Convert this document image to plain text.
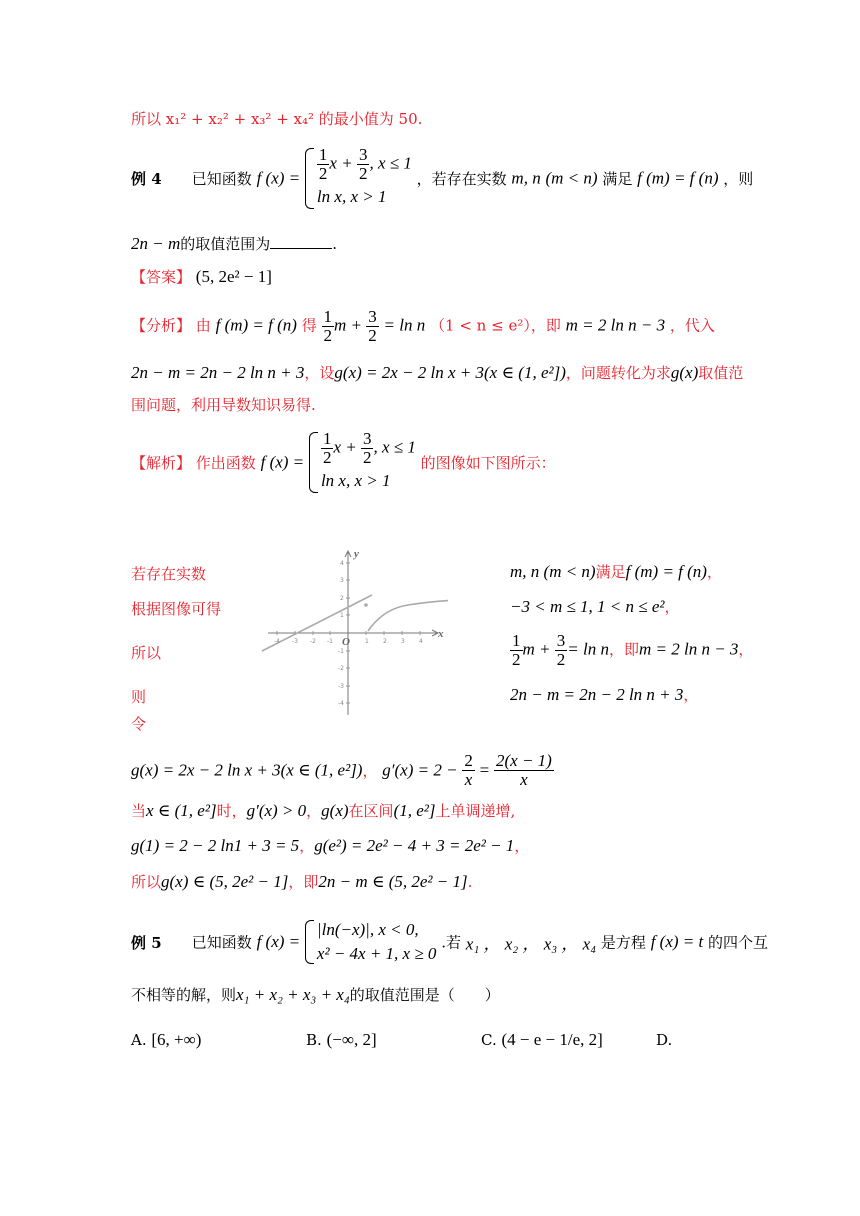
所以 x₁² + x₂² + x₃² + x₄² 的最小值为 50.
例 4 已知函数 f $(x) = \frac{1}{2}$ $x + \frac{3}{2}$ , x ≤ 1
ln x, x > 1
，若存在实数 m, n (m < n) 满足 f (m) = f (n) ，则
2n − m的取值范围为	.
【答案】 (5, 2e² − 1]
【分析】 由 f (m) = f (n) 得 $\frac{1}{2}$ $m + \frac{3}{2} = \ln n$ （1 < n ≤ e²），即 m = 2 ln n − 3 ，代入
2n − m = 2n − 2 ln n + 3，设g(x) = 2x − 2 ln x + 3(x ∈ (1, e²])，问题转化为求g(x)取值范
围问题，利用导数知识易得.
【解析】 作出函数 f $(x) = \frac{1}{2}$ $x + \frac{3}{2}$ , x ≤ 1
ln x, x > 1
的图像如下图所示：
若存在实数
根据图像可得
所以
则
令
-4 -3 -2 -1	1 2 3 4
4
3
2
1
-1
-2
-3
-4
y
x
O
m, n (m < n)满足f (m) = f (n)，
−3 < m ≤ 1, 1 < n ≤ e²，
$\frac{1}{2}$ $m + \frac{3}{2} = \ln n$，即m = 2 ln n − 3，
2n − m = 2n − 2 ln n + 3，
g(x) = 2x − 2 ln x + 3(x ∈ (1, e²])， $g'(x) = 2 - \frac{2}{x} = \frac{2(x - 1)}{x}$
当x ∈ (1, e²]时，g′(x) > 0，g(x)在区间(1, e²]上单调递增,
g(1) = 2 − 2 ln1 + 3 = 5，g(e²) = 2e² − 4 + 3 = 2e² − 1，
所以g(x) ∈ (5, 2e² − 1]，即2n − m ∈ (5, 2e² − 1].
例 5 已知函数 f (x) =
|ln(−x)|, x < 0,
x² − 4x + 1, x ≥ 0
.若 x₁ ， x₂ ， x₃ ， x₄ 是方程 f (x) = t 的四个互
不相等的解，则x₁ + x₂ + x₃ + x₄的取值范围是（　　）
A. [6, +∞)	B. (−∞, 2]	C. (4 − e − 1/e, 2]	D.
